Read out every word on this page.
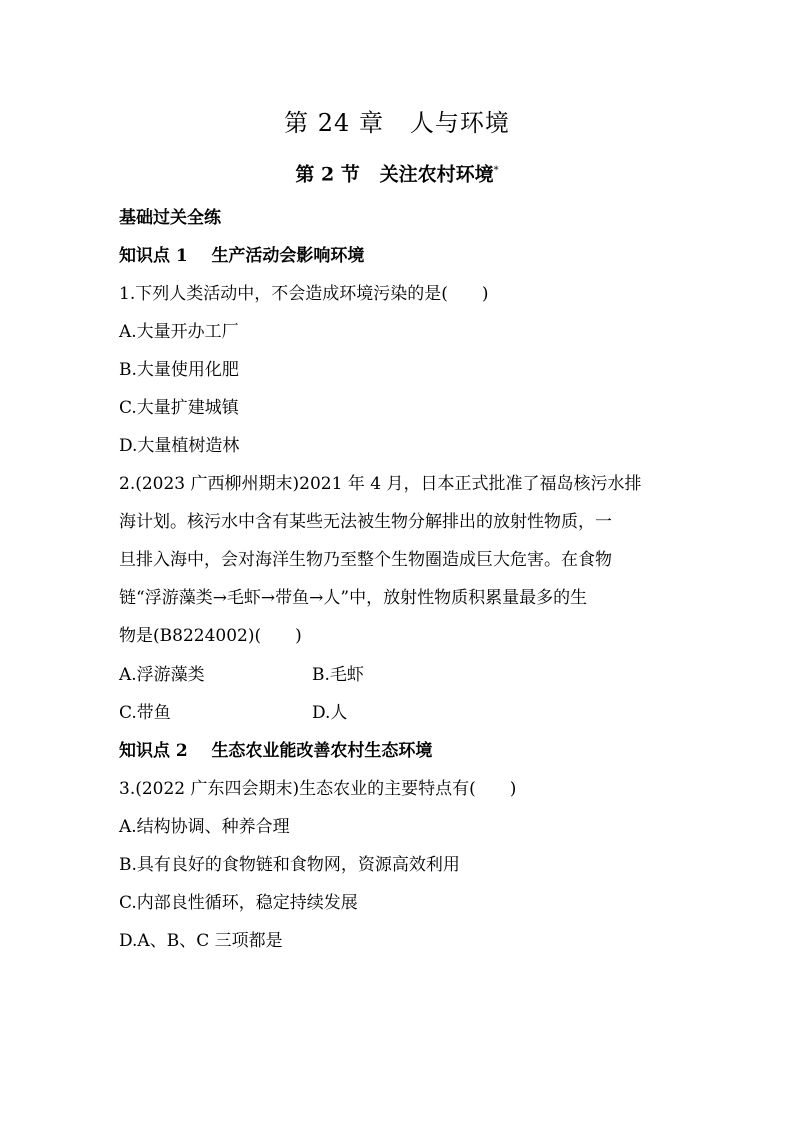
第 24 章 人与环境
第 2 节 关注农村环境*
基础过关全练
知识点 1 生产活动会影响环境
1.下列人类活动中，不会造成环境污染的是(　　)
A.大量开办工厂
B.大量使用化肥
C.大量扩建城镇
D.大量植树造林
2.(2023 广西柳州期末)2021 年 4 月，日本正式批准了福岛核污水排
海计划。核污水中含有某些无法被生物分解排出的放射性物质，一
旦排入海中，会对海洋生物乃至整个生物圈造成巨大危害。在食物
链“浮游藻类→毛虾→带鱼→人”中，放射性物质积累量最多的生
物是(B8224002)(　　)
A.浮游藻类	B.毛虾
C.带鱼	D.人
知识点 2 生态农业能改善农村生态环境
3.(2022 广东四会期末)生态农业的主要特点有(　　)
A.结构协调、种养合理
B.具有良好的食物链和食物网，资源高效利用
C.内部良性循环，稳定持续发展
D.A、B、C 三项都是
